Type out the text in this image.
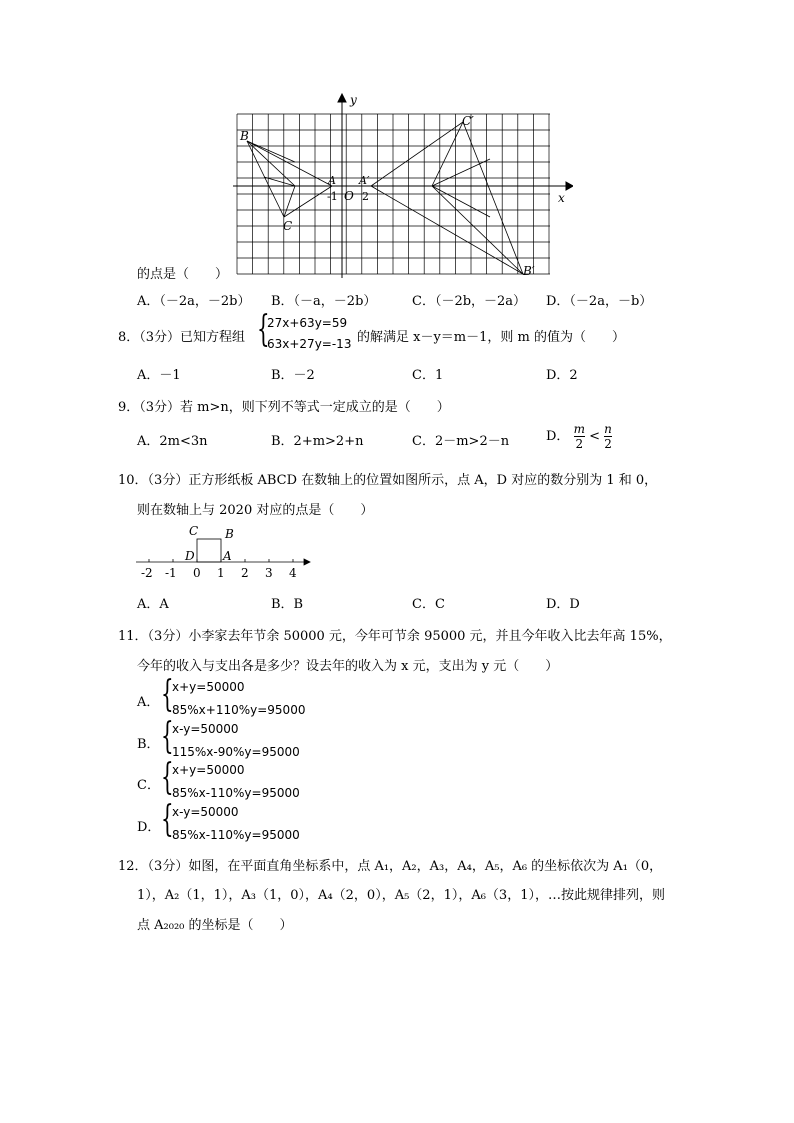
y
x
O
-1 2
B
C
A A′
C′
B′
的点是（　　）
A．（－2a，－2b） B．（－a，－2b）	C．（－2b，－2a） D．（－2a，－b）
8．（3分）已知方程组 {
27x+63y=59
63x+27y=-13 的解满足 x－y＝m－1，则 m 的值为（　　）
A．－1	B．－2	C．1	D．2
9．（3分）若 m>n，则下列不等式一定成立的是（　　）
A．2m<3n	B．2+m>2+n	C．2－m>2－n	D． $\frac{m}{2} < \frac{n}{2}$
10．（3分）正方形纸板 ABCD 在数轴上的位置如图所示，点 A，D 对应的数分别为 1 和 0，
则在数轴上与 2020 对应的点是（　　）
C B
D A
-2 -1 0 1 2 3 4
A．A	B．B	C．C	D．D
11．（3分）小李家去年节余 50000 元，今年可节余 95000 元，并且今年收入比去年高 15%，
今年的收入与支出各是多少？设去年的收入为 x 元，支出为 y 元（　　）
A． {
x+y=50000
85%x+110%y=95000
B． {
x-y=50000
115%x-90%y=95000
C． {
x+y=50000
85%x-110%y=95000
D． {
x-y=50000
85%x-110%y=95000
12．（3分）如图，在平面直角坐标系中，点 A₁，A₂，A₃，A₄，A₅，A₆ 的坐标依次为 A₁（0，
1），A₂（1，1），A₃（1，0），A₄（2，0），A₅（2，1），A₆（3，1），…按此规律排列，则
点 A₂₀₂₀ 的坐标是（　　）
